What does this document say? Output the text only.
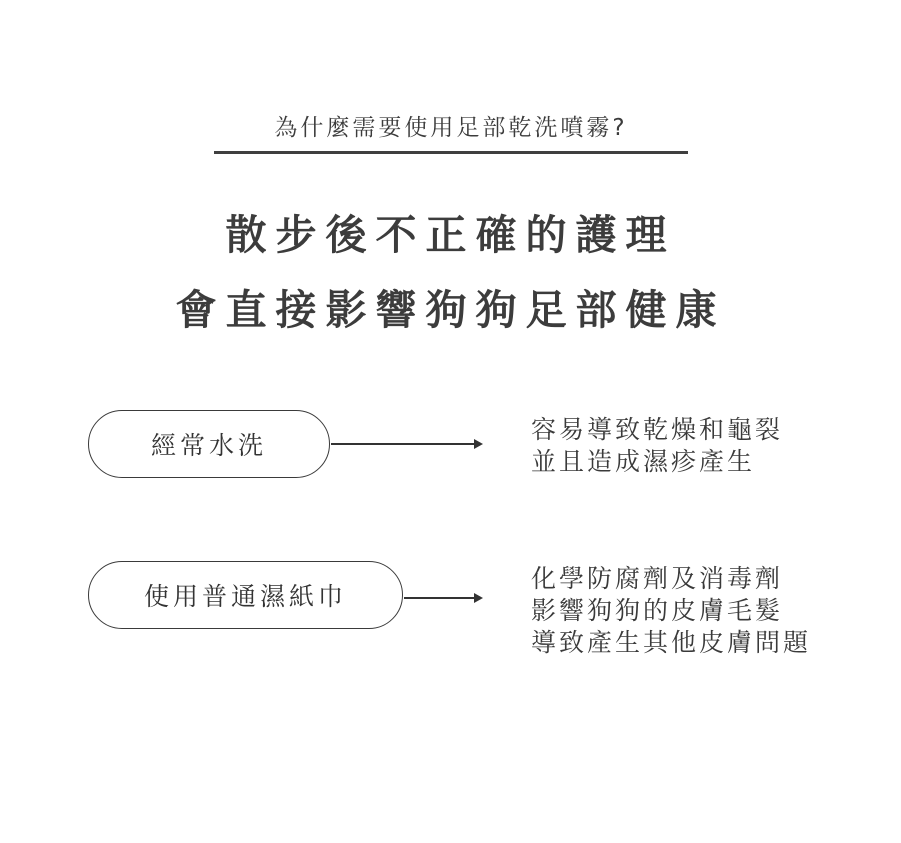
為什麼需要使用足部乾洗噴霧?
散步後不正確的護理
會直接影響狗狗足部健康
經常水洗
容易導致乾燥和龜裂
並且造成濕疹產生
使用普通濕紙巾
化學防腐劑及消毒劑
影響狗狗的皮膚毛髮
導致產生其他皮膚問題
